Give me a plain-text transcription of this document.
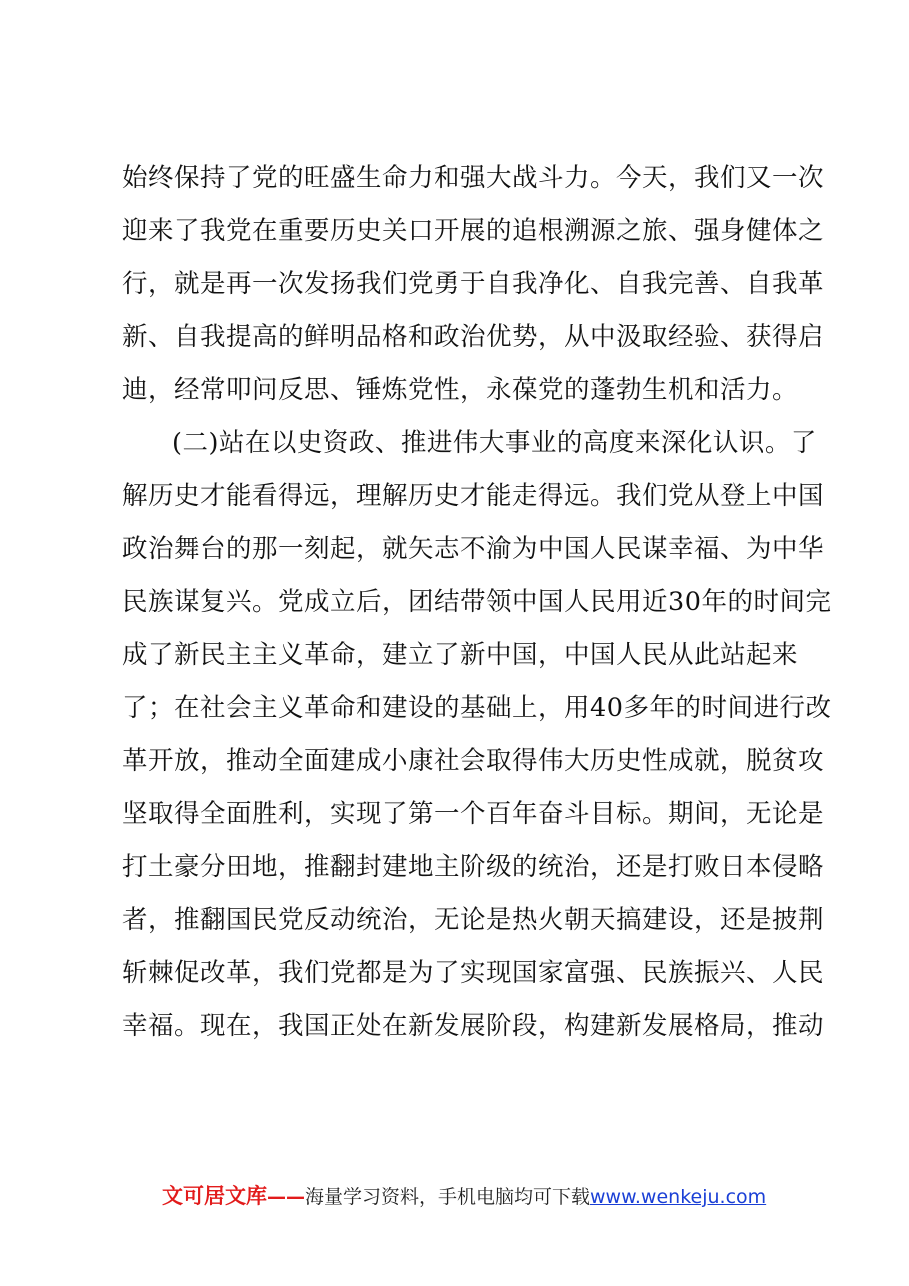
始终保持了党的旺盛生命力和强大战斗力。今天，我们又一次
迎来了我党在重要历史关口开展的追根溯源之旅、强身健体之
行，就是再一次发扬我们党勇于自我净化、自我完善、自我革
新、自我提高的鲜明品格和政治优势，从中汲取经验、获得启
迪，经常叩问反思、锤炼党性，永葆党的蓬勃生机和活力。
(二)站在以史资政、推进伟大事业的高度来深化认识。了
解历史才能看得远，理解历史才能走得远。我们党从登上中国
政治舞台的那一刻起，就矢志不渝为中国人民谋幸福、为中华
民族谋复兴。党成立后，团结带领中国人民用近30年的时间完
成了新民主主义革命，建立了新中国，中国人民从此站起来
了；在社会主义革命和建设的基础上，用40多年的时间进行改
革开放，推动全面建成小康社会取得伟大历史性成就，脱贫攻
坚取得全面胜利，实现了第一个百年奋斗目标。期间，无论是
打土豪分田地，推翻封建地主阶级的统治，还是打败日本侵略
者，推翻国民党反动统治，无论是热火朝天搞建设，还是披荆
斩棘促改革，我们党都是为了实现国家富强、民族振兴、人民
幸福。现在，我国正处在新发展阶段，构建新发展格局，推动
文可居文库——海量学习资料，手机电脑均可下载www.wenkeju.com
